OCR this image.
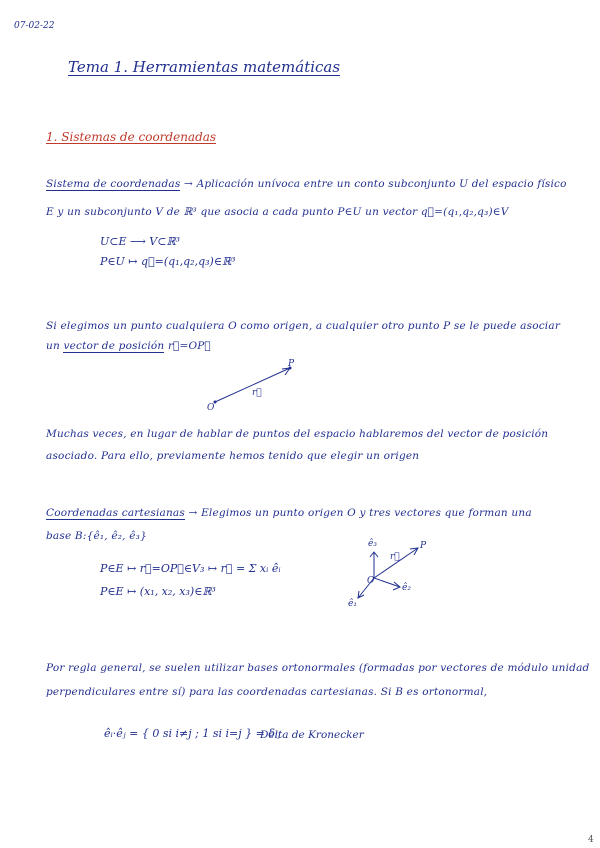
07-02-22
Tema 1. Herramientas matemáticas
1. Sistemas de coordenadas
Sistema de coordenadas → Aplicación unívoca entre un conto subconjunto U del espacio físico
E y un subconjunto V de ℝ³ que asocia a cada punto P∈U un vector q⃗=(q₁,q₂,q₃)∈V
U⊂E ⟶ V⊂ℝ³
P∈U ↦ q⃗=(q₁,q₂,q₃)∈ℝ³
Si elegimos un punto cualquiera O como origen, a cualquier otro punto P se le puede asociar
un vector de posición r⃗=OP⃗
O
P
r⃗
Muchas veces, en lugar de hablar de puntos del espacio hablaremos del vector de posición
asociado. Para ello, previamente hemos tenido que elegir un origen
Coordenadas cartesianas → Elegimos un punto origen O y tres vectores que forman una
base B:{ê₁, ê₂, ê₃}
P∈E ↦ r⃗=OP⃗∈V₃ ↦ r⃗ = Σ xᵢ êᵢ
P∈E ↦ (x₁, x₂, x₃)∈ℝ³
ê₃
ê₂
ê₁
O
P
r⃗
Por regla general, se suelen utilizar bases ortonormales (formadas por vectores de módulo unidad
perpendiculares entre sí) para las coordenadas cartesianas. Si B es ortonormal,
êᵢ·êⱼ = { 0 si i≠j ; 1 si i=j } = δᵢⱼ
Delta de Kronecker
4
